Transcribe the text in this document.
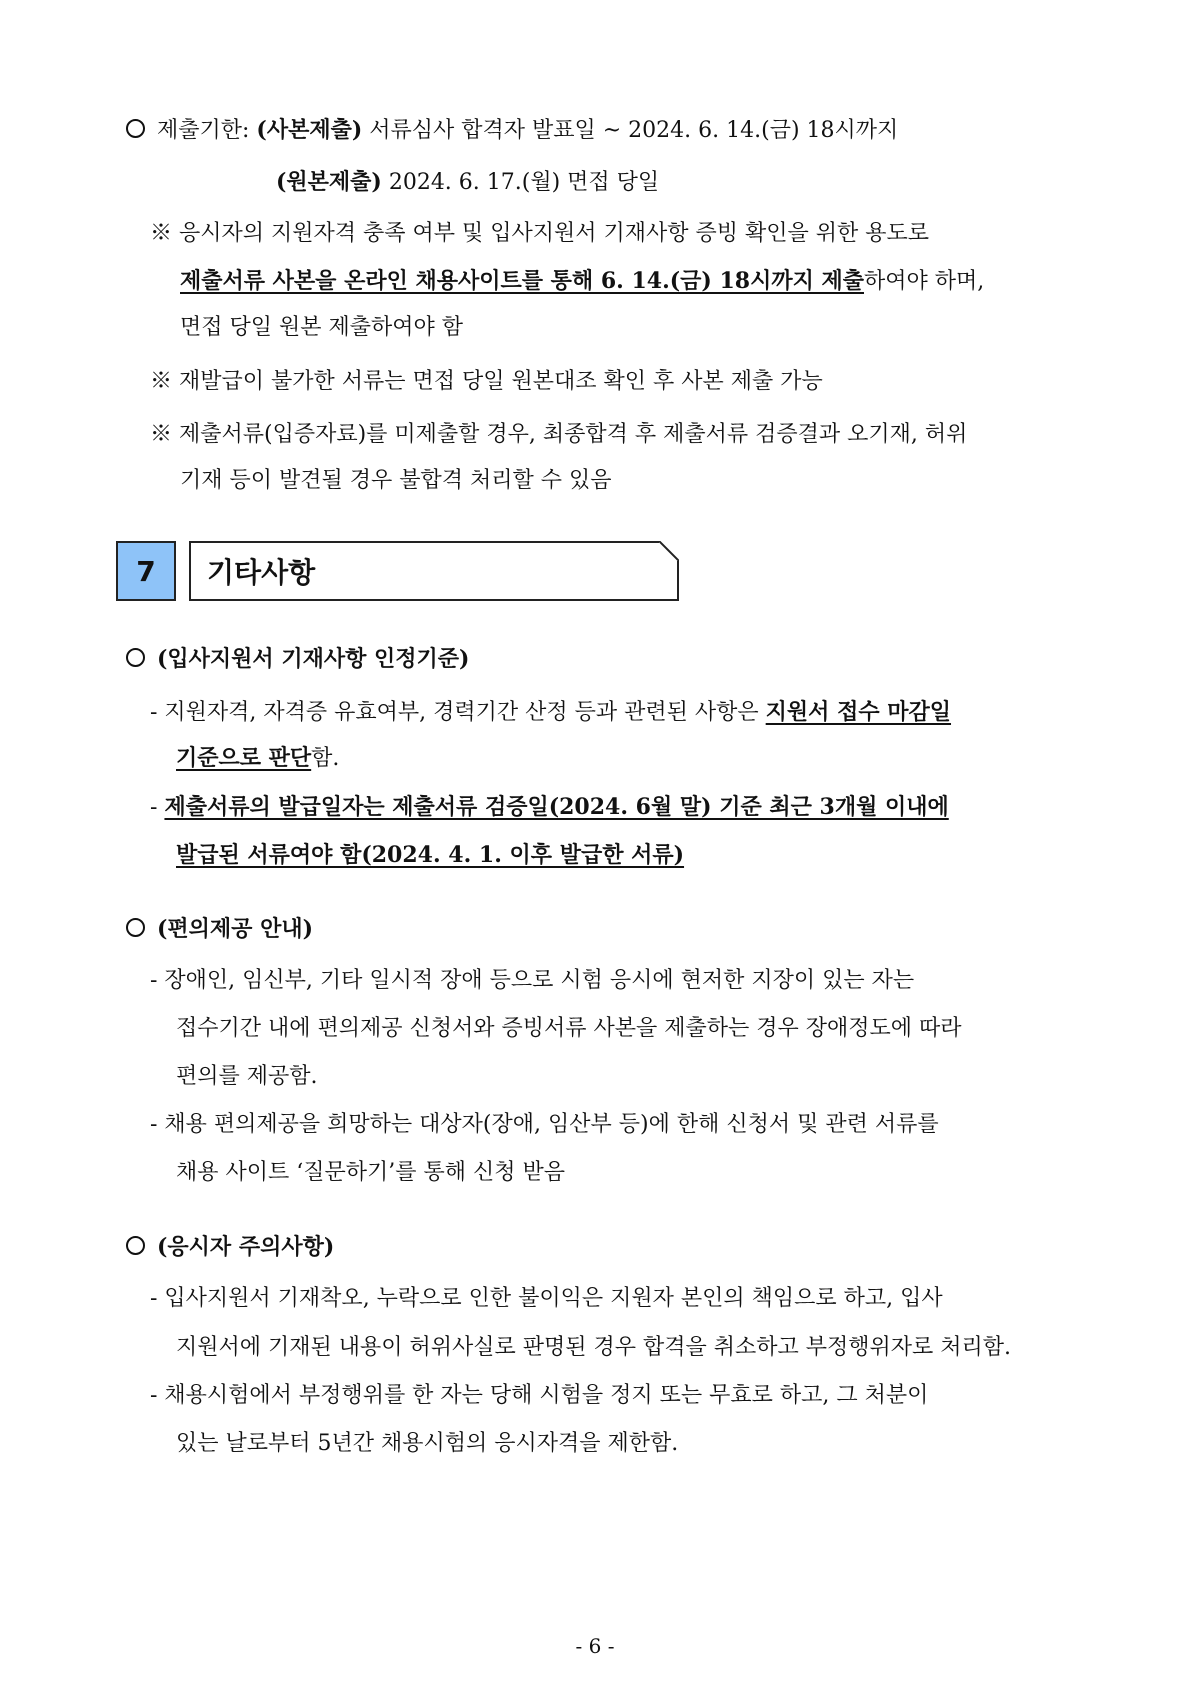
제출기한: (사본제출) 서류심사 합격자 발표일 ~ 2024. 6. 14.(금) 18시까지
(원본제출) 2024. 6. 17.(월) 면접 당일
※ 응시자의 지원자격 충족 여부 및 입사지원서 기재사항 증빙 확인을 위한 용도로
제출서류 사본을 온라인 채용사이트를 통해 6. 14.(금) 18시까지 제출하여야 하며,
면접 당일 원본 제출하여야 함
※ 재발급이 불가한 서류는 면접 당일 원본대조 확인 후 사본 제출 가능
※ 제출서류(입증자료)를 미제출할 경우, 최종합격 후 제출서류 검증결과 오기재, 허위
기재 등이 발견될 경우 불합격 처리할 수 있음
7	기타사항
(입사지원서 기재사항 인정기준)
- 지원자격, 자격증 유효여부, 경력기간 산정 등과 관련된 사항은 지원서 접수 마감일
기준으로 판단함.
- 제출서류의 발급일자는 제출서류 검증일(2024. 6월 말) 기준 최근 3개월 이내에
발급된 서류여야 함(2024. 4. 1. 이후 발급한 서류)
(편의제공 안내)
- 장애인, 임신부, 기타 일시적 장애 등으로 시험 응시에 현저한 지장이 있는 자는
접수기간 내에 편의제공 신청서와 증빙서류 사본을 제출하는 경우 장애정도에 따라
편의를 제공함.
- 채용 편의제공을 희망하는 대상자(장애, 임산부 등)에 한해 신청서 및 관련 서류를
채용 사이트 ‘질문하기’를 통해 신청 받음
(응시자 주의사항)
- 입사지원서 기재착오, 누락으로 인한 불이익은 지원자 본인의 책임으로 하고, 입사
지원서에 기재된 내용이 허위사실로 판명된 경우 합격을 취소하고 부정행위자로 처리함.
- 채용시험에서 부정행위를 한 자는 당해 시험을 정지 또는 무효로 하고, 그 처분이
있는 날로부터 5년간 채용시험의 응시자격을 제한함.
- 6 -
